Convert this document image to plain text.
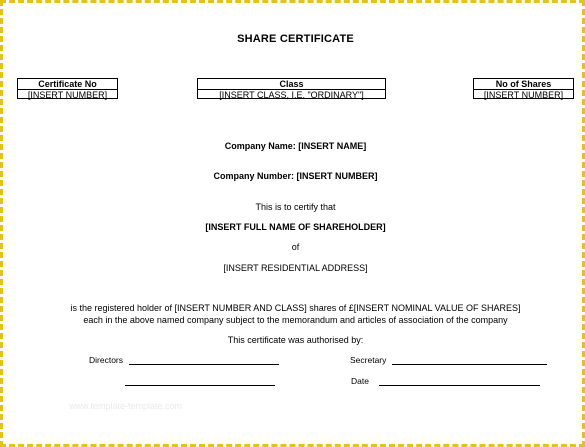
SHARE CERTIFICATE
Certificate No
[INSERT NUMBER]
Class
[INSERT CLASS, I.E. "ORDINARY"]
No of Shares
[INSERT NUMBER]
Company Name: [INSERT NAME]
Company Number: [INSERT NUMBER]
This is to certify that
[INSERT FULL NAME OF SHAREHOLDER]
of
[INSERT RESIDENTIAL ADDRESS]
is the registered holder of [INSERT NUMBER AND CLASS] shares of £[INSERT NOMINAL VALUE OF SHARES]
each in the above named company subject to the memorandum and articles of association of the company
This certificate was authorised by:
Directors	Secretary
Date
www.template-template.com
